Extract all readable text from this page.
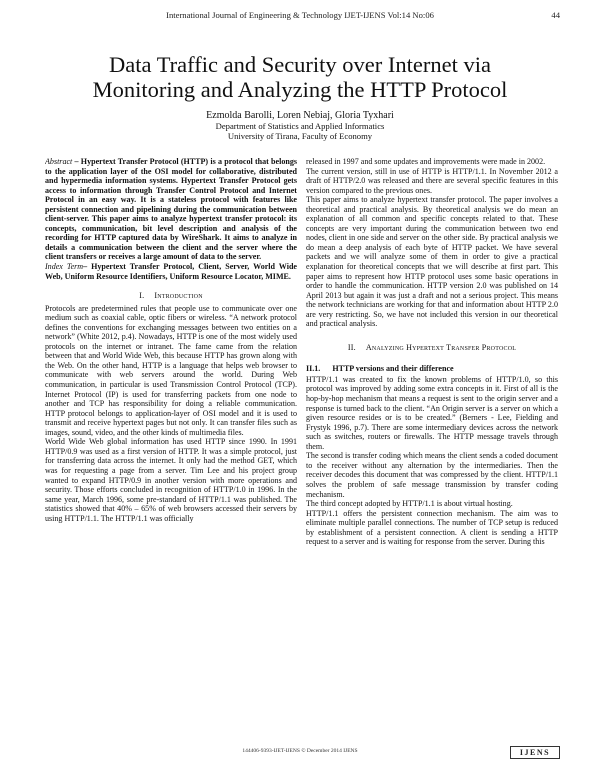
International Journal of Engineering & Technology IJET-IJENS Vol:14 No:06	44
Data Traffic and Security over Internet via
Monitoring and Analyzing the HTTP Protocol
Ezmolda Barolli, Loren Nebiaj, Gloria Tyxhari
Department of Statistics and Applied Informatics
University of Tirana, Faculty of Economy

Abstract – Hypertext Transfer Protocol (HTTP) is a protocol that belongs to the application layer of the OSI model for collaborative, distributed and hypermedia information systems. Hypertext Transfer Protocol gets access to information through Transfer Control Protocol and Internet Protocol in an easy way. It is a stateless protocol with features like persistent connection and pipelining during the communication between client-server. This paper aims to analyze hypertext transfer protocol: its concepts, communication, bit level description and analysis of the recording for HTTP captured data by WireShark. It aims to analyze in details a communication between the client and the server where the client transfers or receives a large amount of data to the server.

Index Term– Hypertext Transfer Protocol, Client, Server, World Wide Web, Uniform Resource Identifiers, Uniform Resource Locator, MIME.

I. Introduction

Protocols are predetermined rules that people use to communicate over one medium such as coaxial cable, optic fibers or wireless. “A network protocol defines the conventions for exchanging messages between two entities on a network” (White 2012, p.4). Nowadays, HTTP is one of the most widely used protocols on the internet or intranet. The fame came from the relation between that and World Wide Web, this because HTTP has grown along with the Web. On the other hand, HTTP is a language that helps web browser to communicate with web servers around the world. During Web communication, in particular is used Transmission Control Protocol (TCP). Internet Protocol (IP) is used for transferring packets from one node to another and TCP has responsibility for doing a reliable communication. HTTP protocol belongs to application-layer of OSI model and it is used to transmit and receive hypertext pages but not only. It can transfer files such as images, sound, video, and the other kinds of multimedia files.

World Wide Web global information has used HTTP since 1990. In 1991 HTTP/0.9 was used as a first version of HTTP. It was a simple protocol, just for transferring data across the internet. It only had the method GET, which was for requesting a page from a server. Tim Lee and his project group wanted to expand HTTP/0.9 in another version with more operations and security. Those efforts concluded in recognition of HTTP/1.0 in 1996. In the same year, March 1996, some pre-standard of HTTP/1.1 was published. The statistics showed that 40% – 65% of web browsers accessed their servers by using HTTP/1.1. The HTTP/1.1 was officially

released in 1997 and some updates and improvements were made in 2002.

The current version, still in use of HTTP is HTTP/1.1. In November 2012 a draft of HTTP/2.0 was released and there are several specific features in this version compared to the previous ones.

This paper aims to analyze hypertext transfer protocol. The paper involves a theoretical and practical analysis. By theoretical analysis we do mean an explanation of all common and specific concepts related to that. These concepts are very important during the communication between two end nodes, client in one side and server on the other side. By practical analysis we do mean a deep analysis of each byte of HTTP packet. We have several packets and we will analyze some of them in order to give a practical explanation for theoretical concepts that we will describe at first part. This paper aims to represent how HTTP protocol uses some basic operations in order to handle the communication. HTTP version 2.0 was published on 14 April 2013 but again it was just a draft and not a serious project. This means the network technicians are working for that and information about HTTP 2.0 are very restricting. So, we have not included this version in our theoretical and practical analysis.

II. Analyzing Hypertext Transfer Protocol
II.1. HTTP versions and their difference

HTTP/1.1 was created to fix the known problems of HTTP/1.0, so this protocol was improved by adding some extra concepts in it. First of all is the hop-by-hop mechanism that means a request is sent to the origin server and a response is turned back to the client. “An Origin server is a server on which a given resource resides or is to be created.” (Berners - Lee, Fielding and Frystyk 1996, p.7). There are some intermediary devices across the network such as switches, routers or firewalls. The HTTP message travels through them.

The second is transfer coding which means the client sends a coded document to the receiver without any alternation by the intermediaries. Then the receiver decodes this document that was compressed by the client. HTTP/1.1 solves the problem of safe message transmission by transfer coding mechanism.

The third concept adopted by HTTP/1.1 is about virtual hosting.

HTTP/1.1 offers the persistent connection mechanism. The aim was to eliminate multiple parallel connections. The number of TCP setup is reduced by establishment of a persistent connection. A client is sending a HTTP request to a server and is waiting for response from the server. During this

144406-9393-IJET-IJENS © December 2014 IJENS	IJENS
